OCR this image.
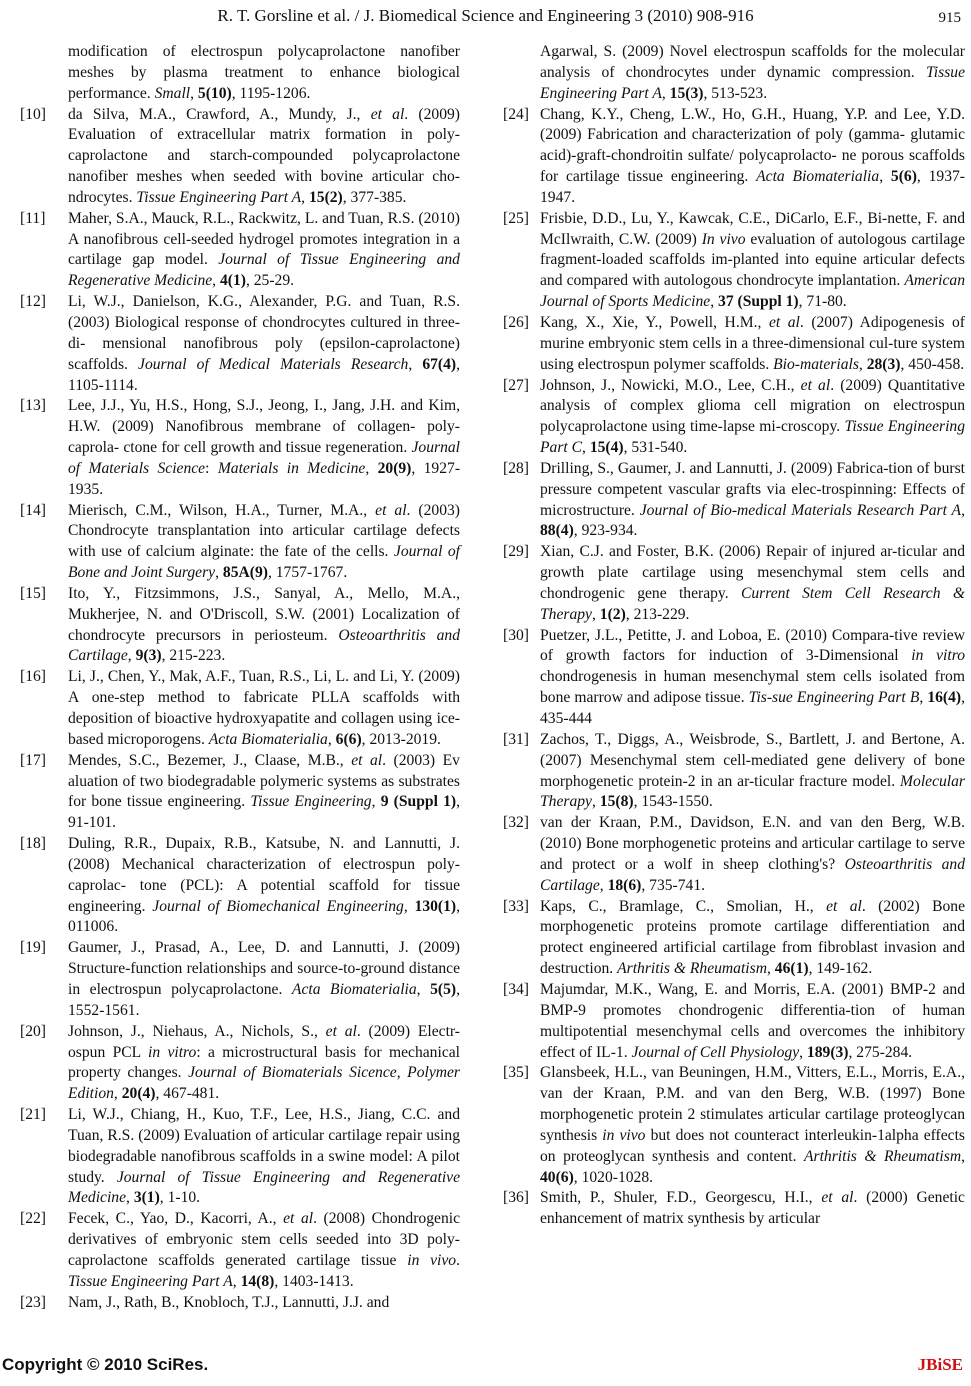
R. T. Gorsline et al. / J. Biomedical Science and Engineering 3 (2010) 908-916	915
modification of electrospun polycaprolactone nanofiber meshes by plasma treatment to enhance biological performance. Small, 5(10), 1195-1206.
[10] da Silva, M.A., Crawford, A., Mundy, J., et al. (2009) Evaluation of extracellular matrix formation in poly-caprolactone and starch-compounded polycaprolactone nanofiber meshes when seeded with bovine articular cho-ndrocytes. Tissue Engineering Part A, 15(2), 377-385.
[11] Maher, S.A., Mauck, R.L., Rackwitz, L. and Tuan, R.S. (2010) A nanofibrous cell-seeded hydrogel promotes integration in a cartilage gap model. Journal of Tissue Engineering and Regenerative Medicine, 4(1), 25-29.
[12] Li, W.J., Danielson, K.G., Alexander, P.G. and Tuan, R.S. (2003) Biological response of chondrocytes cultured in three-di- mensional nanofibrous poly (epsilon-caprolactone) scaffolds. Journal of Medical Materials Research, 67(4), 1105-1114.
[13] Lee, J.J., Yu, H.S., Hong, S.J., Jeong, I., Jang, J.H. and Kim, H.W. (2009) Nanofibrous membrane of collagen- poly-caprola- ctone for cell growth and tissue regeneration. Journal of Materials Science: Materials in Medicine, 20(9), 1927-1935.
[14] Mierisch, C.M., Wilson, H.A., Turner, M.A., et al. (2003) Chondrocyte transplantation into articular cartilage defects with use of calcium alginate: the fate of the cells. Journal of Bone and Joint Surgery, 85A(9), 1757-1767.
[15] Ito, Y., Fitzsimmons, J.S., Sanyal, A., Mello, M.A., Mukherjee, N. and O'Driscoll, S.W. (2001) Localization of chondrocyte precursors in periosteum. Osteoarthritis and Cartilage, 9(3), 215-223.
[16] Li, J., Chen, Y., Mak, A.F., Tuan, R.S., Li, L. and Li, Y. (2009) A one-step method to fabricate PLLA scaffolds with deposition of bioactive hydroxyapatite and collagen using ice- based microporogens. Acta Biomaterialia, 6(6), 2013-2019.
[17] Mendes, S.C., Bezemer, J., Claase, M.B., et al. (2003) Ev aluation of two biodegradable polymeric systems as substrates for bone tissue engineering. Tissue Engineering, 9 (Suppl 1), 91-101.
[18] Duling, R.R., Dupaix, R.B., Katsube, N. and Lannutti, J. (2008) Mechanical characterization of electrospun poly-caprolac- tone (PCL): A potential scaffold for tissue engineering. Journal of Biomechanical Engineering, 130(1), 011006.
[19] Gaumer, J., Prasad, A., Lee, D. and Lannutti, J. (2009) Structure-function relationships and source-to-ground distance in electrospun polycaprolactone. Acta Biomaterialia, 5(5), 1552-1561.
[20] Johnson, J., Niehaus, A., Nichols, S., et al. (2009) Electr-ospun PCL in vitro: a microstructural basis for mechanical property changes. Journal of Biomaterials Sicence, Polymer Edition, 20(4), 467-481.
[21] Li, W.J., Chiang, H., Kuo, T.F., Lee, H.S., Jiang, C.C. and Tuan, R.S. (2009) Evaluation of articular cartilage repair using biodegradable nanofibrous scaffolds in a swine model: A pilot study. Journal of Tissue Engineering and Regenerative Medicine, 3(1), 1-10.
[22] Fecek, C., Yao, D., Kacorri, A., et al. (2008) Chondrogenic derivatives of embryonic stem cells seeded into 3D poly- caprolactone scaffolds generated cartilage tissue in vivo. Tissue Engineering Part A, 14(8), 1403-1413.
[23] Nam, J., Rath, B., Knobloch, T.J., Lannutti, J.J. and
Agarwal, S. (2009) Novel electrospun scaffolds for the molecular analysis of chondrocytes under dynamic compression. Tissue Engineering Part A, 15(3), 513-523.
[24] Chang, K.Y., Cheng, L.W., Ho, G.H., Huang, Y.P. and Lee, Y.D. (2009) Fabrication and characterization of poly (gamma- glutamic acid)-graft-chondroitin sulfate/ polycaprolacto- ne porous scaffolds for cartilage tissue engineering. Acta Biomaterialia, 5(6), 1937-1947.
[25] Frisbie, D.D., Lu, Y., Kawcak, C.E., DiCarlo, E.F., Bi-nette, F. and McIlwraith, C.W. (2009) In vivo evaluation of autologous cartilage fragment-loaded scaffolds im-planted into equine articular defects and compared with autologous chondrocyte implantation. American Journal of Sports Medicine, 37 (Suppl 1), 71-80.
[26] Kang, X., Xie, Y., Powell, H.M., et al. (2007) Adipogenesis of murine embryonic stem cells in a three-dimensional cul-ture system using electrospun polymer scaffolds. Bio-materials, 28(3), 450-458.
[27] Johnson, J., Nowicki, M.O., Lee, C.H., et al. (2009) Quantitative analysis of complex glioma cell migration on electrospun polycaprolactone using time-lapse mi-croscopy. Tissue Engineering Part C, 15(4), 531-540.
[28] Drilling, S., Gaumer, J. and Lannutti, J. (2009) Fabrica-tion of burst pressure competent vascular grafts via elec-trospinning: Effects of microstructure. Journal of Bio-medical Materials Research Part A, 88(4), 923-934.
[29] Xian, C.J. and Foster, B.K. (2006) Repair of injured ar-ticular and growth plate cartilage using mesenchymal stem cells and chondrogenic gene therapy. Current Stem Cell Research & Therapy, 1(2), 213-229.
[30] Puetzer, J.L., Petitte, J. and Loboa, E. (2010) Compara-tive review of growth factors for induction of 3-Dimensional in vitro chondrogenesis in human mesenchymal stem cells isolated from bone marrow and adipose tissue. Tis-sue Engineering Part B, 16(4), 435-444
[31] Zachos, T., Diggs, A., Weisbrode, S., Bartlett, J. and Bertone, A. (2007) Mesenchymal stem cell-mediated gene delivery of bone morphogenetic protein-2 in an ar-ticular fracture model. Molecular Therapy, 15(8), 1543-1550.
[32] van der Kraan, P.M., Davidson, E.N. and van den Berg, W.B. (2010) Bone morphogenetic proteins and articular cartilage to serve and protect or a wolf in sheep clothing's? Osteoarthritis and Cartilage, 18(6), 735-741.
[33] Kaps, C., Bramlage, C., Smolian, H., et al. (2002) Bone morphogenetic proteins promote cartilage differentiation and protect engineered artificial cartilage from fibroblast invasion and destruction. Arthritis & Rheumatism, 46(1), 149-162.
[34] Majumdar, M.K., Wang, E. and Morris, E.A. (2001) BMP-2 and BMP-9 promotes chondrogenic differentia-tion of human multipotential mesenchymal cells and overcomes the inhibitory effect of IL-1. Journal of Cell Physiology, 189(3), 275-284.
[35] Glansbeek, H.L., van Beuningen, H.M., Vitters, E.L., Morris, E.A., van der Kraan, P.M. and van den Berg, W.B. (1997) Bone morphogenetic protein 2 stimulates articular cartilage proteoglycan synthesis in vivo but does not counteract interleukin-1alpha effects on proteoglycan synthesis and content. Arthritis & Rheumatism, 40(6), 1020-1028.
[36] Smith, P., Shuler, F.D., Georgescu, H.I., et al. (2000) Genetic enhancement of matrix synthesis by articular
Copyright © 2010 SciRes.	JBiSE
